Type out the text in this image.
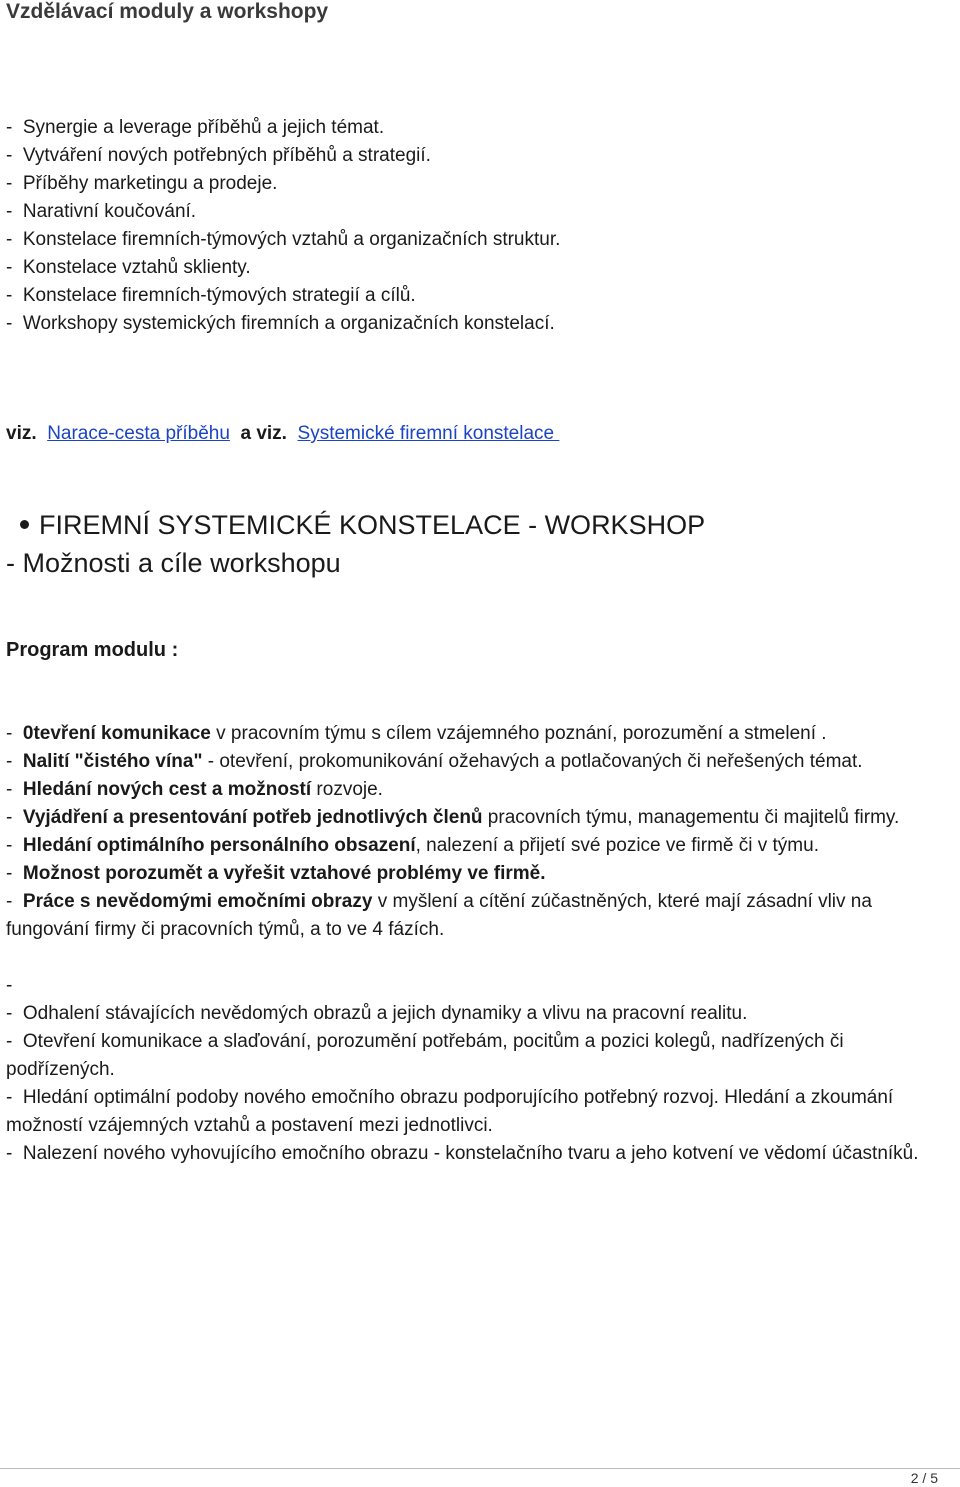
Vzdělávací moduly a workshopy
-  Synergie a leverage příběhů a jejich témat.
-  Vytváření nových potřebných příběhů a strategií.
-  Příběhy marketingu a prodeje.
-  Narativní koučování.
-  Konstelace firemních-týmových vztahů a organizačních struktur.
-  Konstelace vztahů sklienty.
-  Konstelace firemních-týmových strategií a cílů.
-  Workshopy systemických firemních a organizačních konstelací.
viz. Narace-cesta příběhu a viz. Systemické firemní konstelace
FIREMNÍ SYSTEMICKÉ KONSTELACE - WORKSHOP
- Možnosti a cíle workshopu
Program modulu :
-  0tevření komunikace v pracovním týmu s cílem vzájemného poznání, porozumění a stmelení .
-  Nalití "čistého vína" - otevření, prokomunikování ožehavých a potlačovaných či neřešených témat.
-  Hledání nových cest a možností rozvoje.
-  Vyjádření a presentování potřeb jednotlivých členů pracovních týmu, managementu či majitelů firmy.
-  Hledání optimálního personálního obsazení, nalezení a přijetí své pozice ve firmě či v týmu.
-  Možnost porozumět a vyřešit vztahové problémy ve firmě.
-  Práce s nevědomými emočními obrazy v myšlení a cítění zúčastněných, které mají zásadní vliv na fungování firmy či pracovních týmů, a to ve 4 fázích.
-
-  Odhalení stávajících nevědomých obrazů a jejich dynamiky a vlivu na pracovní realitu.
-  Otevření komunikace a slaďování, porozumění potřebám, pocitům a pozici kolegů, nadřízených či podřízených.
-  Hledání optimální podoby nového emočního obrazu podporujícího potřebný rozvoj. Hledání a zkoumání možností vzájemných vztahů a postavení mezi jednotlivci.
-  Nalezení nového vyhovujícího emočního obrazu - konstelačního tvaru a jeho kotvení ve vědomí účastníků.
2 / 5
